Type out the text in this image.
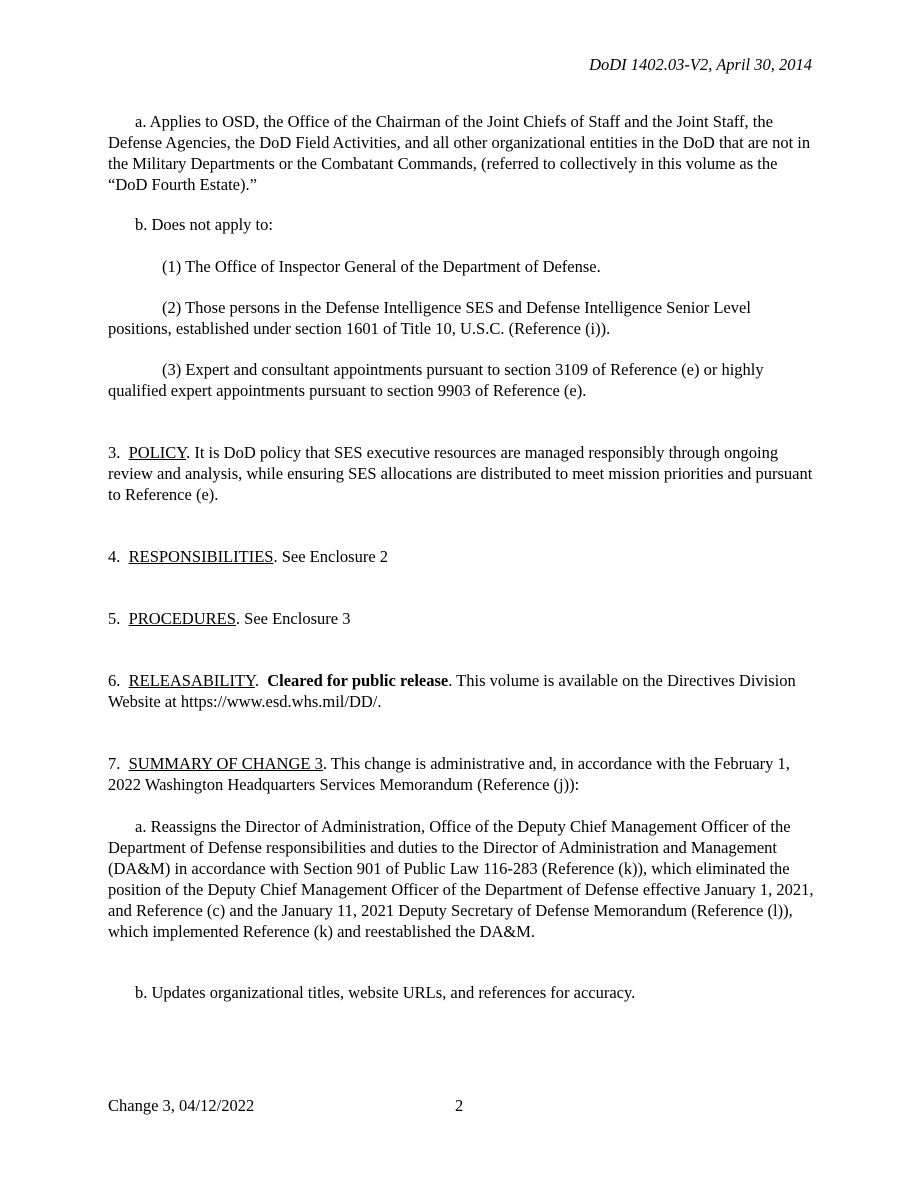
DoDI 1402.03-V2, April 30, 2014

a. Applies to OSD, the Office of the Chairman of the Joint Chiefs of Staff and the Joint Staff, the Defense Agencies, the DoD Field Activities, and all other organizational entities in the DoD that are not in the Military Departments or the Combatant Commands, (referred to collectively in this volume as the “DoD Fourth Estate).”

b. Does not apply to:

(1) The Office of Inspector General of the Department of Defense.

(2) Those persons in the Defense Intelligence SES and Defense Intelligence Senior Level positions, established under section 1601 of Title 10, U.S.C. (Reference (i)).

(3) Expert and consultant appointments pursuant to section 3109 of Reference (e) or highly qualified expert appointments pursuant to section 9903 of Reference (e).

3. POLICY. It is DoD policy that SES executive resources are managed responsibly through ongoing review and analysis, while ensuring SES allocations are distributed to meet mission priorities and pursuant to Reference (e).

4. RESPONSIBILITIES. See Enclosure 2

5. PROCEDURES. See Enclosure 3

6. RELEASABILITY.  Cleared for public release. This volume is available on the Directives Division Website at https://www.esd.whs.mil/DD/.

7. SUMMARY OF CHANGE 3. This change is administrative and, in accordance with the February 1, 2022 Washington Headquarters Services Memorandum (Reference (j)):

a. Reassigns the Director of Administration, Office of the Deputy Chief Management Officer of the Department of Defense responsibilities and duties to the Director of Administration and Management (DA&M) in accordance with Section 901 of Public Law 116-283 (Reference (k)), which eliminated the position of the Deputy Chief Management Officer of the Department of Defense effective January 1, 2021, and Reference (c) and the January 11, 2021 Deputy Secretary of Defense Memorandum (Reference (l)), which implemented Reference (k) and reestablished the DA&M.

b. Updates organizational titles, website URLs, and references for accuracy.

Change 3, 04/12/2022	2
